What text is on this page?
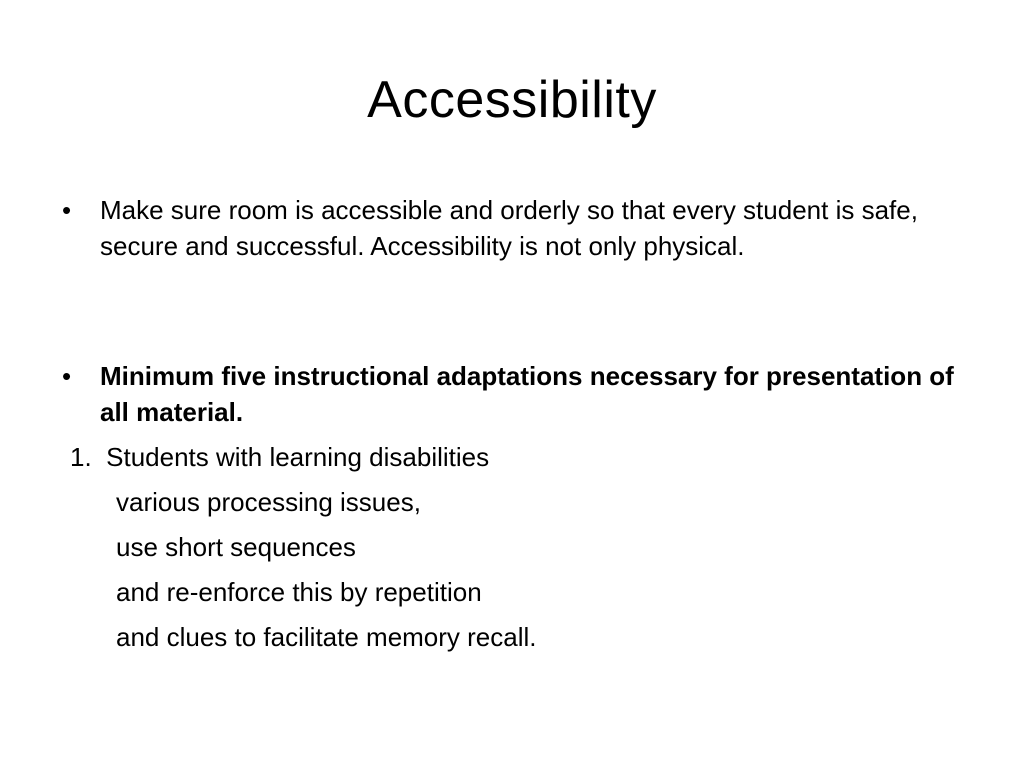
Accessibility
• Make sure room is accessible and orderly so that every student is safe, secure and successful. Accessibility is not only physical.
• Minimum five instructional adaptations necessary for presentation of all material.
1.  Students with learning disabilities
various processing issues,
use short sequences
and re-enforce this by repetition
and clues to facilitate memory recall.
